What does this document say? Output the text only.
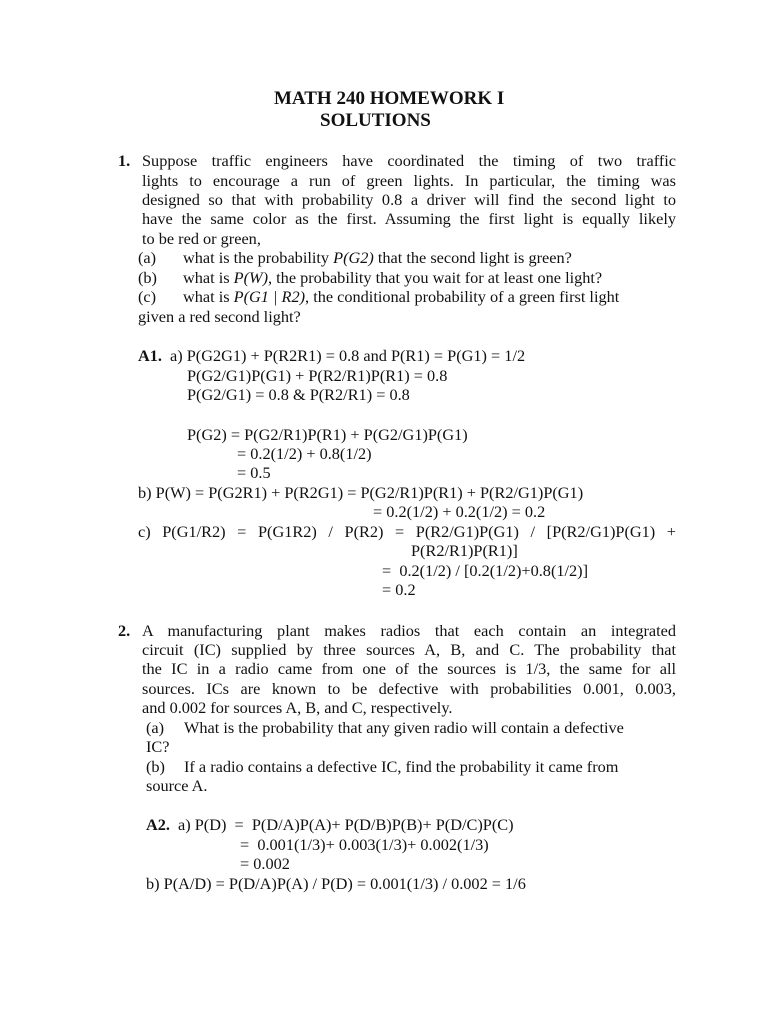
MATH 240 HOMEWORK I
SOLUTIONS
1. Suppose traffic engineers have coordinated the timing of two traffic
lights to encourage a run of green lights. In particular, the timing was
designed so that with probability 0.8 a driver will find the second light to
have the same color as the first. Assuming the first light is equally likely
to be red or green,
(a) what is the probability P(G2) that the second light is green?
(b) what is P(W), the probability that you wait for at least one light?
(c) what is P(G1 | R2), the conditional probability of a green first light
given a red second light?
A1. a) P(G2G1) + P(R2R1) = 0.8 and P(R1) = P(G1) = 1/2
P(G2/G1)P(G1) + P(R2/R1)P(R1) = 0.8
P(G2/G1) = 0.8 & P(R2/R1) = 0.8
P(G2) = P(G2/R1)P(R1) + P(G2/G1)P(G1)
= 0.2(1/2) + 0.8(1/2)
= 0.5
b) P(W) = P(G2R1) + P(R2G1) = P(G2/R1)P(R1) + P(R2/G1)P(G1)
= 0.2(1/2) + 0.2(1/2) = 0.2
c) P(G1/R2) = P(G1R2) / P(R2) = P(R2/G1)P(G1) / [P(R2/G1)P(G1) +
P(R2/R1)P(R1)]
=  0.2(1/2) / [0.2(1/2)+0.8(1/2)]
= 0.2
2. A manufacturing plant makes radios that each contain an integrated
circuit (IC) supplied by three sources A, B, and C. The probability that
the IC in a radio came from one of the sources is 1/3, the same for all
sources. ICs are known to be defective with probabilities 0.001, 0.003,
and 0.002 for sources A, B, and C, respectively.
(a) What is the probability that any given radio will contain a defective
IC?
(b) If a radio contains a defective IC, find the probability it came from
source A.
A2. a) P(D)  =  P(D/A)P(A)+ P(D/B)P(B)+ P(D/C)P(C)
=  0.001(1/3)+ 0.003(1/3)+ 0.002(1/3)
= 0.002
b) P(A/D) = P(D/A)P(A) / P(D) = 0.001(1/3) / 0.002 = 1/6
